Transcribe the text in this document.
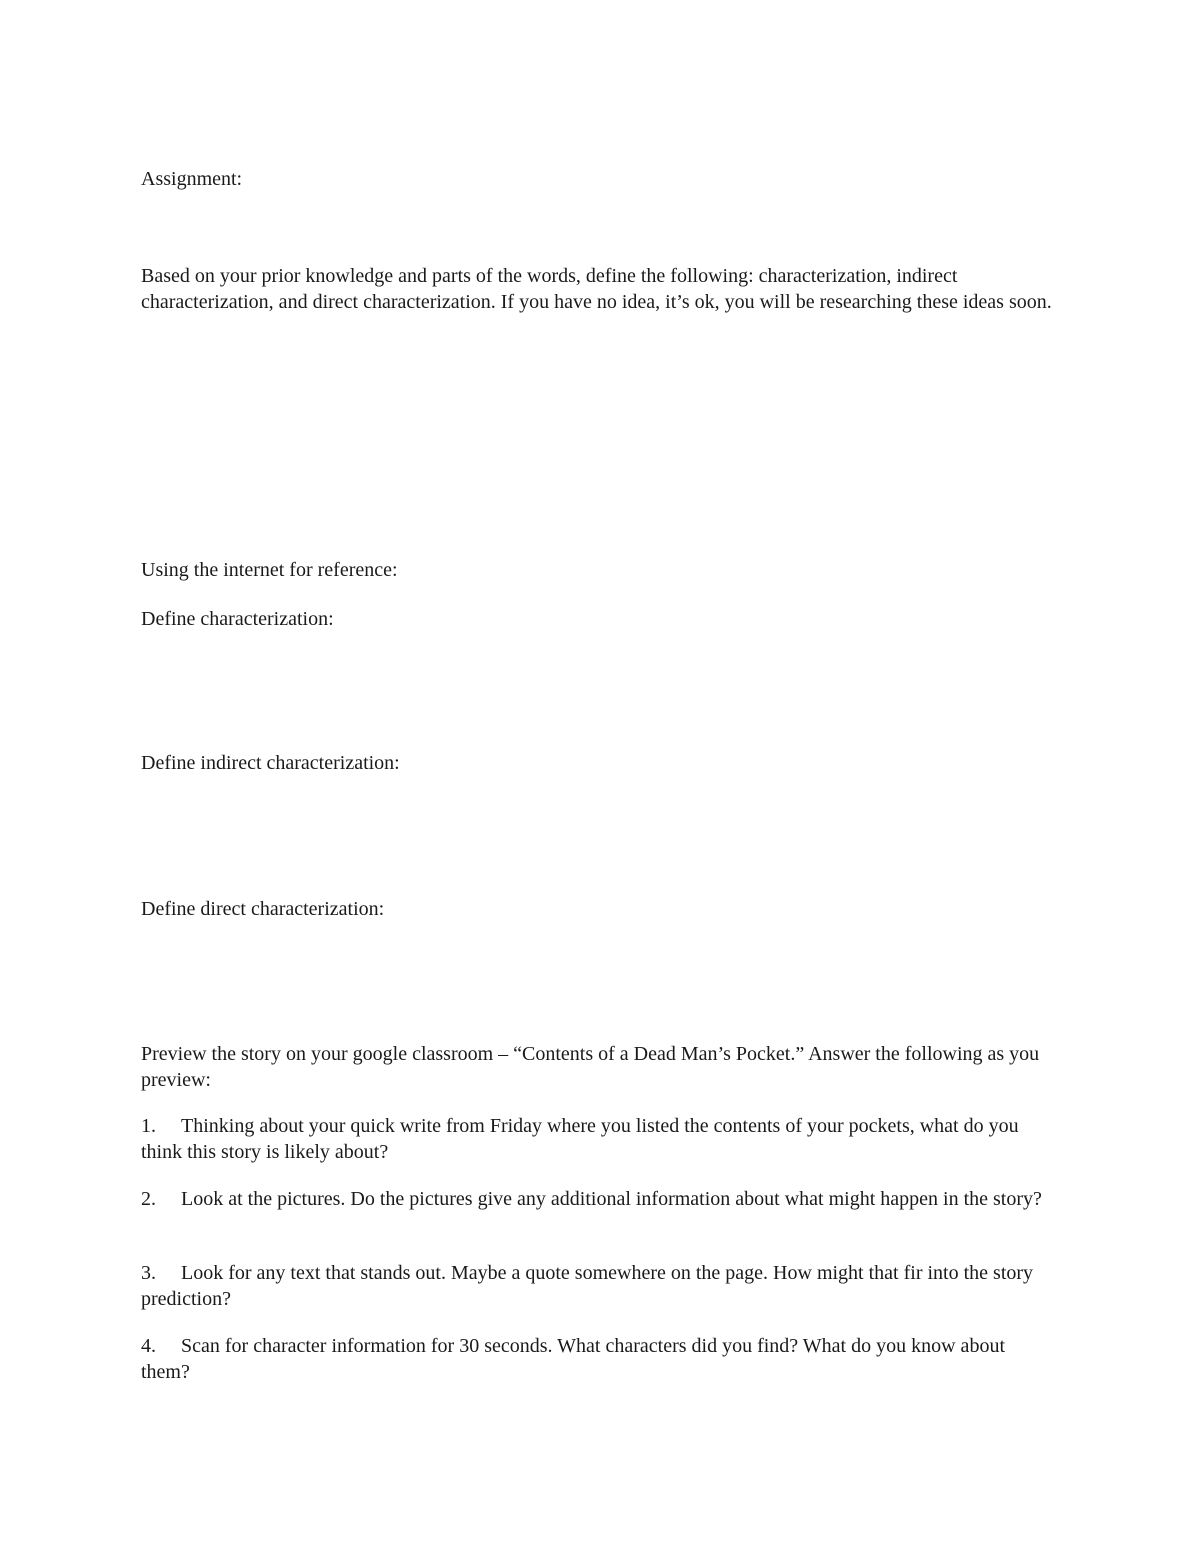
Assignment:

Based on your prior knowledge and parts of the words, define the following: characterization, indirect characterization, and direct characterization. If you have no idea, it’s ok, you will be researching these ideas soon.

Using the internet for reference:

Define characterization:

Define indirect characterization:

Define direct characterization:

Preview the story on your google classroom – “Contents of a Dead Man’s Pocket.” Answer the following as you preview:

1. Thinking about your quick write from Friday where you listed the contents of your pockets, what do you think this story is likely about?

2. Look at the pictures. Do the pictures give any additional information about what might happen in the story?

3. Look for any text that stands out. Maybe a quote somewhere on the page. How might that fir into the story prediction?

4. Scan for character information for 30 seconds. What characters did you find? What do you know about them?
